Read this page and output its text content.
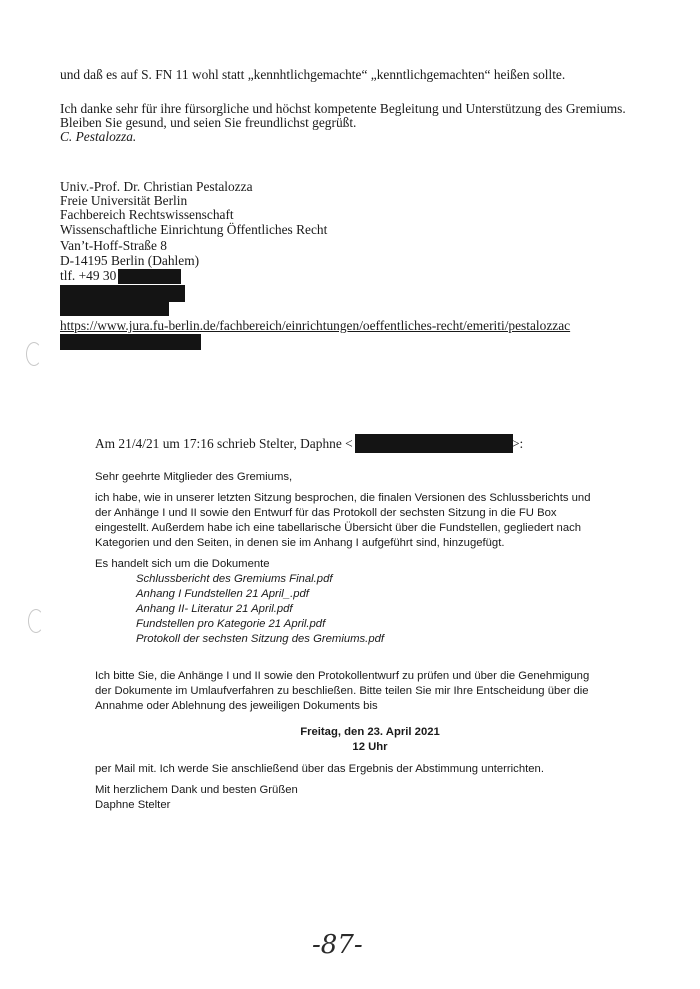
und daß es auf S. FN 11 wohl statt „kennhtlichgemachte“ „kenntlichgemachten“ heißen sollte.
Ich danke sehr für ihre fürsorgliche und höchst kompetente Begleitung und Unterstützung des Gremiums.
Bleiben Sie gesund, und seien Sie freundlichst gegrüßt.
C. Pestalozza.
Univ.-Prof. Dr. Christian Pestalozza
Freie Universität Berlin
Fachbereich Rechtswissenschaft
Wissenschaftliche Einrichtung Öffentliches Recht
Van’t-Hoff-Straße 8
D-14195 Berlin (Dahlem)
tlf. +49 30
https://www.jura.fu-berlin.de/fachbereich/einrichtungen/oeffentliches-recht/emeriti/pestalozzac
Am 21/4/21 um 17:16 schrieb Stelter, Daphne <	>:
Sehr geehrte Mitglieder des Gremiums,
ich habe, wie in unserer letzten Sitzung besprochen, die finalen Versionen des Schlussberichts und
der Anhänge I und II sowie den Entwurf für das Protokoll der sechsten Sitzung in die FU Box
eingestellt. Außerdem habe ich eine tabellarische Übersicht über die Fundstellen, gegliedert nach
Kategorien und den Seiten, in denen sie im Anhang I aufgeführt sind, hinzugefügt.
Es handelt sich um die Dokumente
Schlussbericht des Gremiums Final.pdf
Anhang I Fundstellen 21 April_.pdf
Anhang II- Literatur 21 April.pdf
Fundstellen pro Kategorie 21 April.pdf
Protokoll der sechsten Sitzung des Gremiums.pdf
Ich bitte Sie, die Anhänge I und II sowie den Protokollentwurf zu prüfen und über die Genehmigung
der Dokumente im Umlaufverfahren zu beschließen. Bitte teilen Sie mir Ihre Entscheidung über die
Annahme oder Ablehnung des jeweiligen Dokuments bis
Freitag, den 23. April 2021
12 Uhr
per Mail mit. Ich werde Sie anschließend über das Ergebnis der Abstimmung unterrichten.
Mit herzlichem Dank und besten Grüßen
Daphne Stelter
-87-
